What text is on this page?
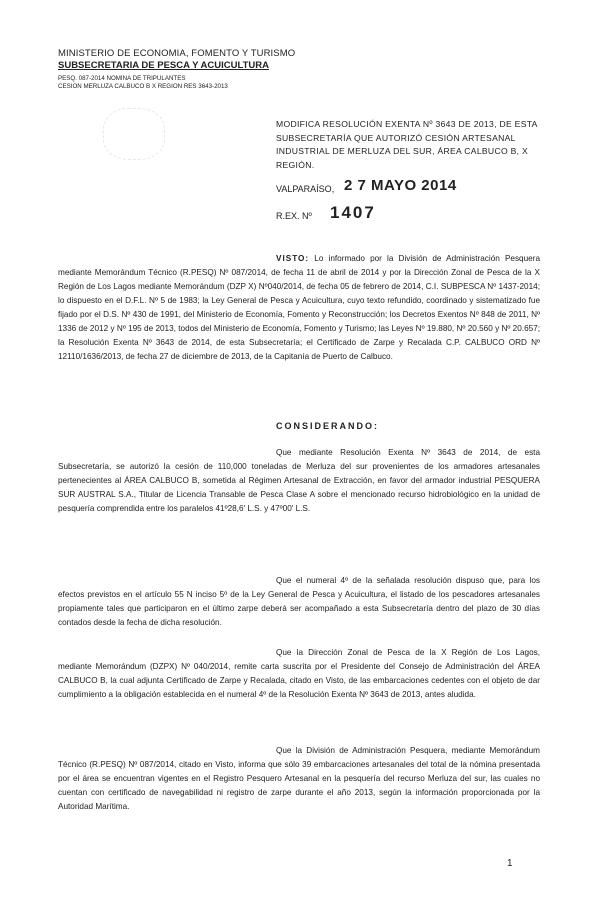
MINISTERIO DE ECONOMIA, FOMENTO Y TURISMO
SUBSECRETARIA DE PESCA Y ACUICULTURA
PESQ. 087-2014 NOMINA DE TRIPULANTES
CESION MERLUZA CALBUCO B X REGION RES 3643-2013
MODIFICA RESOLUCIÓN EXENTA Nº 3643 DE 2013, DE ESTA SUBSECRETARÍA QUE AUTORIZÓ CESIÓN ARTESANAL INDUSTRIAL DE MERLUZA DEL SUR, ÁREA CALBUCO B, X REGIÓN.
VALPARAÍSO, 2 7 MAYO 2014
R.EX. Nº 1407
VISTO: Lo informado por la División de Administración Pesquera mediante Memorándum Técnico (R.PESQ) Nº 087/2014, de fecha 11 de abril de 2014 y por la Dirección Zonal de Pesca de la X Región de Los Lagos mediante Memorándum (DZP X) Nº040/2014, de fecha 05 de febrero de 2014, C.I. SUBPESCA Nº 1437-2014; lo dispuesto en el D.F.L. Nº 5 de 1983; la Ley General de Pesca y Acuicultura, cuyo texto refundido, coordinado y sistematizado fue fijado por el D.S. Nº 430 de 1991, del Ministerio de Economía, Fomento y Reconstrucción; los Decretos Exentos Nº 848 de 2011, Nº 1336 de 2012 y Nº 195 de 2013, todos del Ministerio de Economía, Fomento y Turismo; las Leyes Nº 19.880, Nº 20.560 y Nº 20.657; la Resolución Exenta Nº 3643 de 2014, de esta Subsecretaría; el Certificado de Zarpe y Recalada C.P. CALBUCO ORD Nº 12110/1636/2013, de fecha 27 de diciembre de 2013, de la Capitanía de Puerto de Calbuco.
CONSIDERANDO:
Que mediante Resolución Exenta Nº 3643 de 2014, de esta Subsecretaría, se autorizó la cesión de 110,000 toneladas de Merluza del sur provenientes de los armadores artesanales pertenecientes al ÁREA CALBUCO B, sometida al Régimen Artesanal de Extracción, en favor del armador industrial PESQUERA SUR AUSTRAL S.A., Titular de Licencia Transable de Pesca Clase A sobre el mencionado recurso hidrobiológico en la unidad de pesquería comprendida entre los paralelos 41º28,6' L.S. y 47º00' L.S.
Que el numeral 4º de la señalada resolución dispuso que, para los efectos previstos en el artículo 55 N inciso 5º de la Ley General de Pesca y Acuicultura, el listado de los pescadores artesanales propiamente tales que participaron en el último zarpe deberá ser acompañado a esta Subsecretaría dentro del plazo de 30 días contados desde la fecha de dicha resolución.
Que la Dirección Zonal de Pesca de la X Región de Los Lagos, mediante Memorándum (DZPX) Nº 040/2014, remite carta suscrita por el Presidente del Consejo de Administración del ÁREA CALBUCO B, la cual adjunta Certificado de Zarpe y Recalada, citado en Visto, de las embarcaciones cedentes con el objeto de dar cumplimiento a la obligación establecida en el numeral 4º de la Resolución Exenta Nº 3643 de 2013, antes aludida.
Que la División de Administración Pesquera, mediante Memorándum Técnico (R.PESQ) Nº 087/2014, citado en Visto, informa que sólo 39 embarcaciones artesanales del total de la nómina presentada por el área se encuentran vigentes en el Registro Pesquero Artesanal en la pesquería del recurso Merluza del sur, las cuales no cuentan con certificado de navegabilidad ni registro de zarpe durante el año 2013, según la información proporcionada por la Autoridad Marítima.
1
